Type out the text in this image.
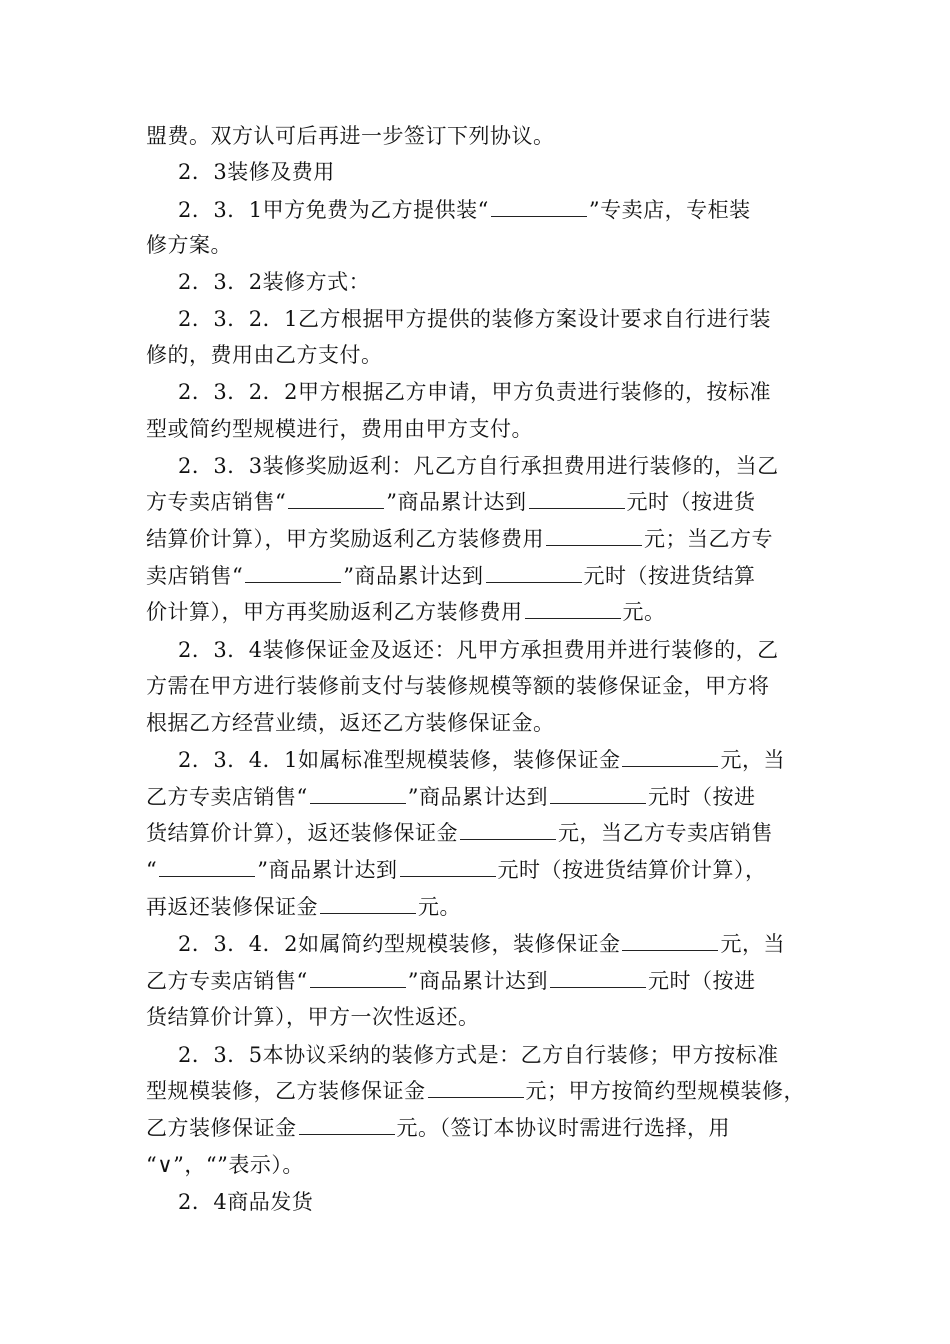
盟费。双方认可后再进一步签订下列协议。
2．3装修及费用
2．3．1甲方免费为乙方提供装“	”专卖店，专柜装
修方案。
2．3．2装修方式：
2．3．2．1乙方根据甲方提供的装修方案设计要求自行进行装
修的，费用由乙方支付。
2．3．2．2甲方根据乙方申请，甲方负责进行装修的，按标准
型或简约型规模进行，费用由甲方支付。
2．3．3装修奖励返利：凡乙方自行承担费用进行装修的，当乙
方专卖店销售“	”商品累计达到	元时（按进货
结算价计算），甲方奖励返利乙方装修费用	元；当乙方专
卖店销售“	”商品累计达到	元时（按进货结算
价计算），甲方再奖励返利乙方装修费用	元。
2．3．4装修保证金及返还：凡甲方承担费用并进行装修的，乙
方需在甲方进行装修前支付与装修规模等额的装修保证金，甲方将
根据乙方经营业绩，返还乙方装修保证金。
2．3．4．1如属标准型规模装修，装修保证金	元，当
乙方专卖店销售“	”商品累计达到	元时（按进
货结算价计算），返还装修保证金	元，当乙方专卖店销售
“	”商品累计达到	元时（按进货结算价计算），
再返还装修保证金	元。
2．3．4．2如属简约型规模装修，装修保证金	元，当
乙方专卖店销售“	”商品累计达到	元时（按进
货结算价计算），甲方一次性返还。
2．3．5本协议采纳的装修方式是：乙方自行装修；甲方按标准
型规模装修，乙方装修保证金	元；甲方按简约型规模装修，
乙方装修保证金	元。（签订本协议时需进行选择，用
“∨”，“”表示）。
2．4商品发货
